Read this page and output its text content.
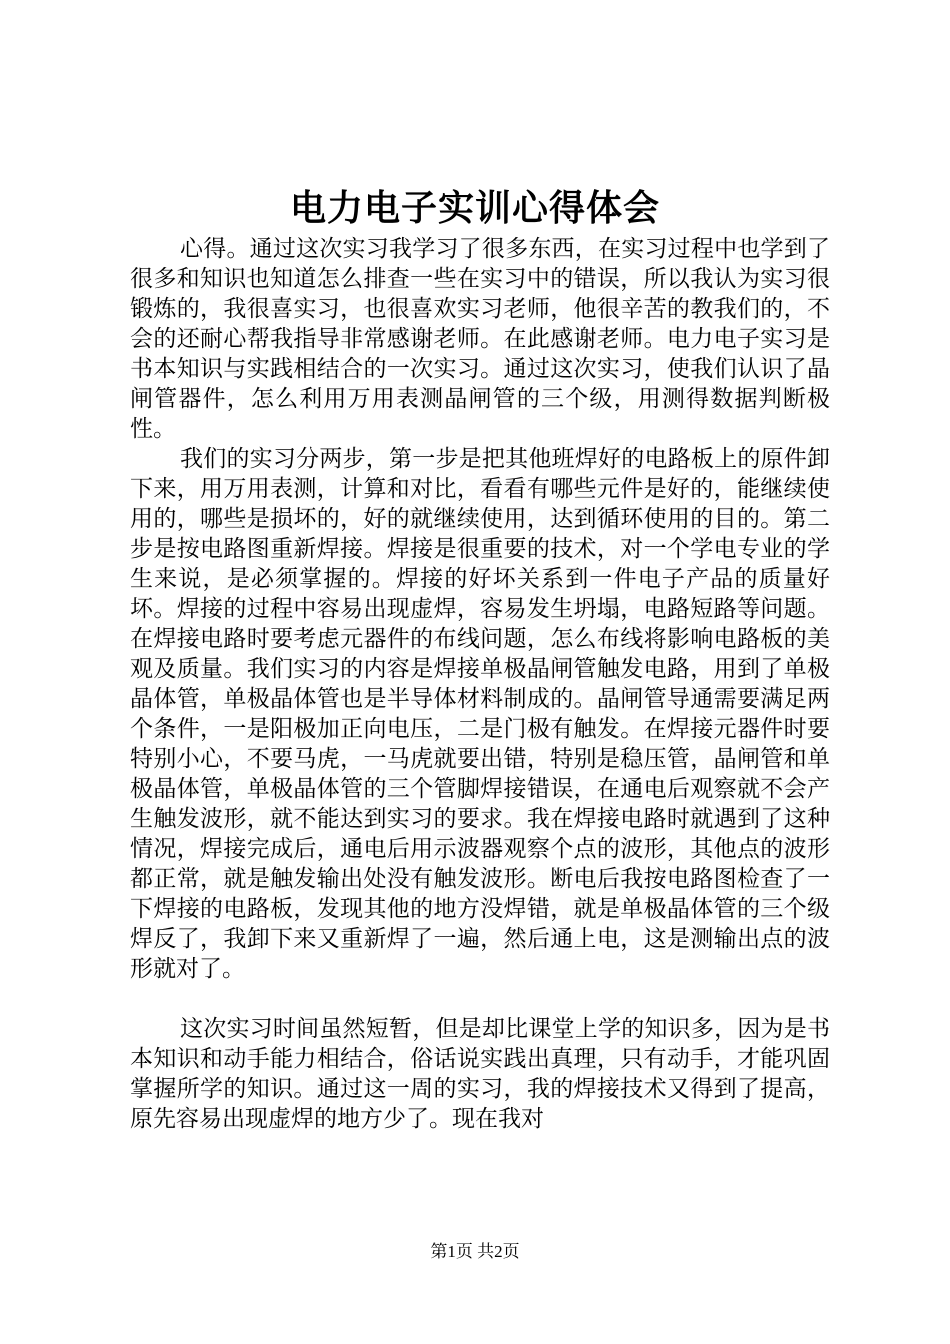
电力电子实训心得体会

心得。通过这次实习我学习了很多东西，在实习过程中也学到了很多和知识也知道怎么排查一些在实习中的错误，所以我认为实习很锻炼的，我很喜实习，也很喜欢实习老师，他很辛苦的教我们的，不会的还耐心帮我指导非常感谢老师。在此感谢老师。电力电子实习是书本知识与实践相结合的一次实习。通过这次实习，使我们认识了晶闸管器件，怎么利用万用表测晶闸管的三个级，用测得数据判断极性。

我们的实习分两步，第一步是把其他班焊好的电路板上的原件卸下来，用万用表测，计算和对比，看看有哪些元件是好的，能继续使用的，哪些是损坏的，好的就继续使用，达到循环使用的目的。第二步是按电路图重新焊接。焊接是很重要的技术，对一个学电专业的学生来说，是必须掌握的。焊接的好坏关系到一件电子产品的质量好坏。焊接的过程中容易出现虚焊，容易发生坍塌，电路短路等问题。在焊接电路时要考虑元器件的布线问题，怎么布线将影响电路板的美观及质量。我们实习的内容是焊接单极晶闸管触发电路，用到了单极晶体管，单极晶体管也是半导体材料制成的。晶闸管导通需要满足两个条件，一是阳极加正向电压，二是门极有触发。在焊接元器件时要特别小心，不要马虎，一马虎就要出错，特别是稳压管，晶闸管和单极晶体管，单极晶体管的三个管脚焊接错误，在通电后观察就不会产生触发波形，就不能达到实习的要求。我在焊接电路时就遇到了这种情况，焊接完成后，通电后用示波器观察个点的波形，其他点的波形都正常，就是触发输出处没有触发波形。断电后我按电路图检查了一下焊接的电路板，发现其他的地方没焊错，就是单极晶体管的三个级焊反了，我卸下来又重新焊了一遍，然后通上电，这是测输出点的波形就对了。

这次实习时间虽然短暂，但是却比课堂上学的知识多，因为是书本知识和动手能力相结合，俗话说实践出真理，只有动手，才能巩固掌握所学的知识。通过这一周的实习，我的焊接技术又得到了提高，原先容易出现虚焊的地方少了。现在我对

第1页 共2页
